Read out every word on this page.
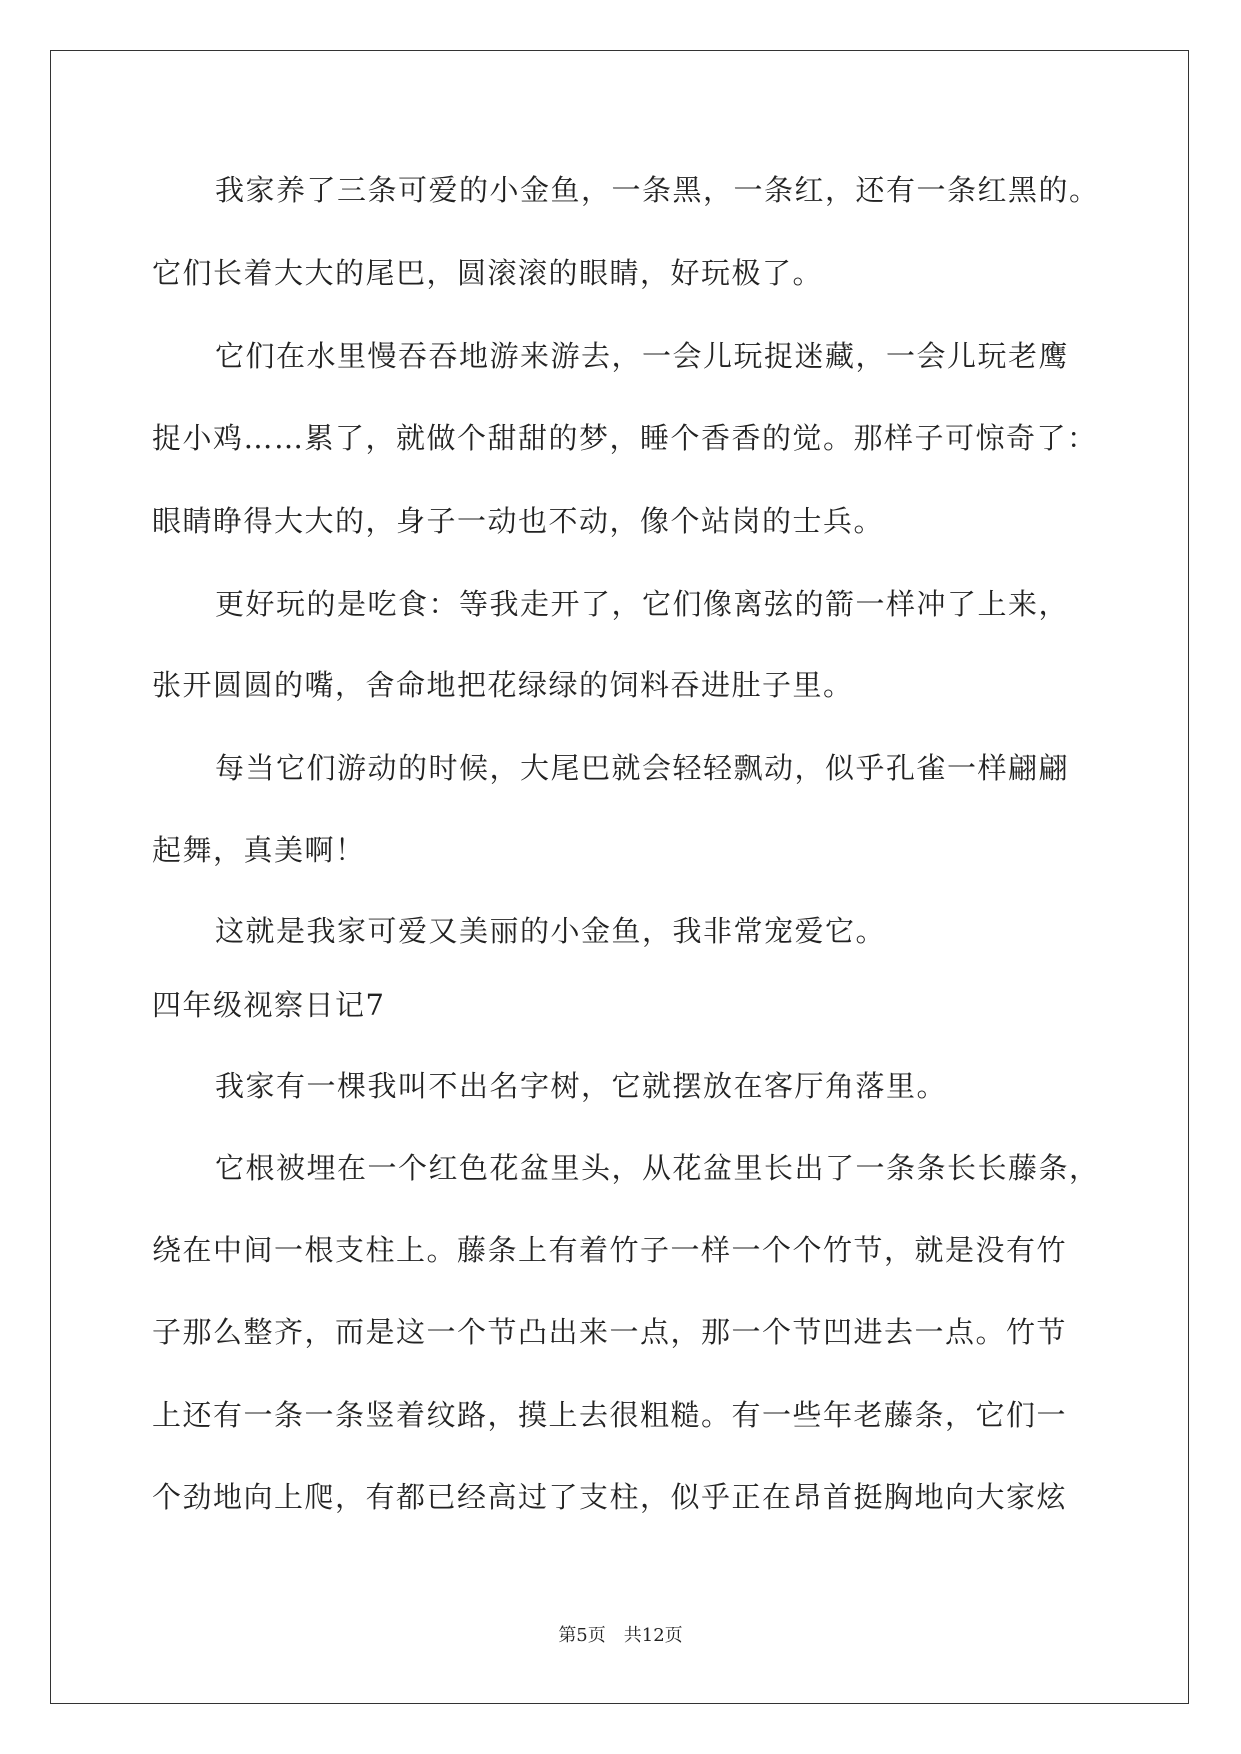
我家养了三条可爱的小金鱼，一条黑，一条红，还有一条红黑的。
它们长着大大的尾巴，圆滚滚的眼睛，好玩极了。
它们在水里慢吞吞地游来游去，一会儿玩捉迷藏，一会儿玩老鹰
捉小鸡……累了，就做个甜甜的梦，睡个香香的觉。那样子可惊奇了：
眼睛睁得大大的，身子一动也不动，像个站岗的士兵。
更好玩的是吃食：等我走开了，它们像离弦的箭一样冲了上来，
张开圆圆的嘴，舍命地把花绿绿的饲料吞进肚子里。
每当它们游动的时候，大尾巴就会轻轻飘动，似乎孔雀一样翩翩
起舞，真美啊！
这就是我家可爱又美丽的小金鱼，我非常宠爱它。
四年级视察日记7
我家有一棵我叫不出名字树，它就摆放在客厅角落里。
它根被埋在一个红色花盆里头，从花盆里长出了一条条长长藤条，
绕在中间一根支柱上。藤条上有着竹子一样一个个竹节，就是没有竹
子那么整齐，而是这一个节凸出来一点，那一个节凹进去一点。竹节
上还有一条一条竖着纹路，摸上去很粗糙。有一些年老藤条，它们一
个劲地向上爬，有都已经高过了支柱，似乎正在昂首挺胸地向大家炫
第5页　共12页
